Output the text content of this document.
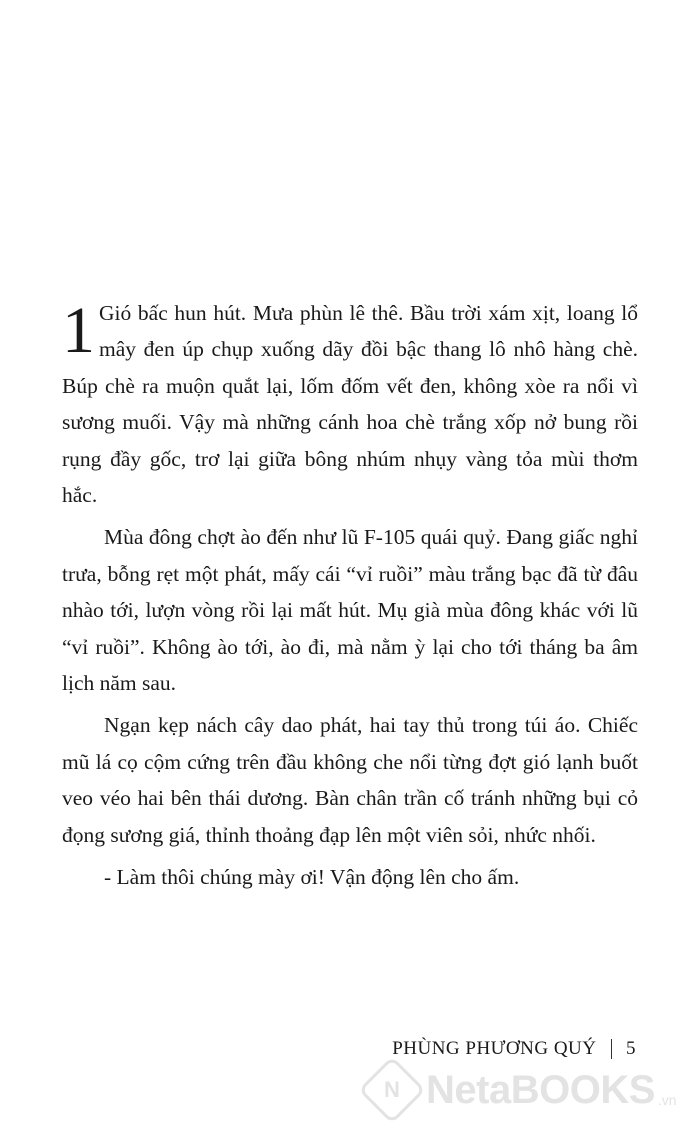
1 Gió bấc hun hút. Mưa phùn lê thê. Bầu trời xám xịt, loang lổ mây đen úp chụp xuống dãy đồi bậc thang lô nhô hàng chè. Búp chè ra muộn quắt lại, lốm đốm vết đen, không xòe ra nổi vì sương muối. Vậy mà những cánh hoa chè trắng xốp nở bung rồi rụng đầy gốc, trơ lại giữa bông nhúm nhụy vàng tỏa mùi thơm hắc.

Mùa đông chợt ào đến như lũ F-105 quái quỷ. Đang giấc nghỉ trưa, bỗng rẹt một phát, mấy cái “vỉ ruồi” màu trắng bạc đã từ đâu nhào tới, lượn vòng rồi lại mất hút. Mụ già mùa đông khác với lũ “vỉ ruồi”. Không ào tới, ào đi, mà nằm ỳ lại cho tới tháng ba âm lịch năm sau.

Ngạn kẹp nách cây dao phát, hai tay thủ trong túi áo. Chiếc mũ lá cọ cộm cứng trên đầu không che nổi từng đợt gió lạnh buốt veo véo hai bên thái dương. Bàn chân trần cố tránh những bụi cỏ đọng sương giá, thỉnh thoảng đạp lên một viên sỏi, nhức nhối.

- Làm thôi chúng mày ơi! Vận động lên cho ấm.

PHÙNG PHƯƠNG QUÝ 5
N NetaBOOKS .vn
